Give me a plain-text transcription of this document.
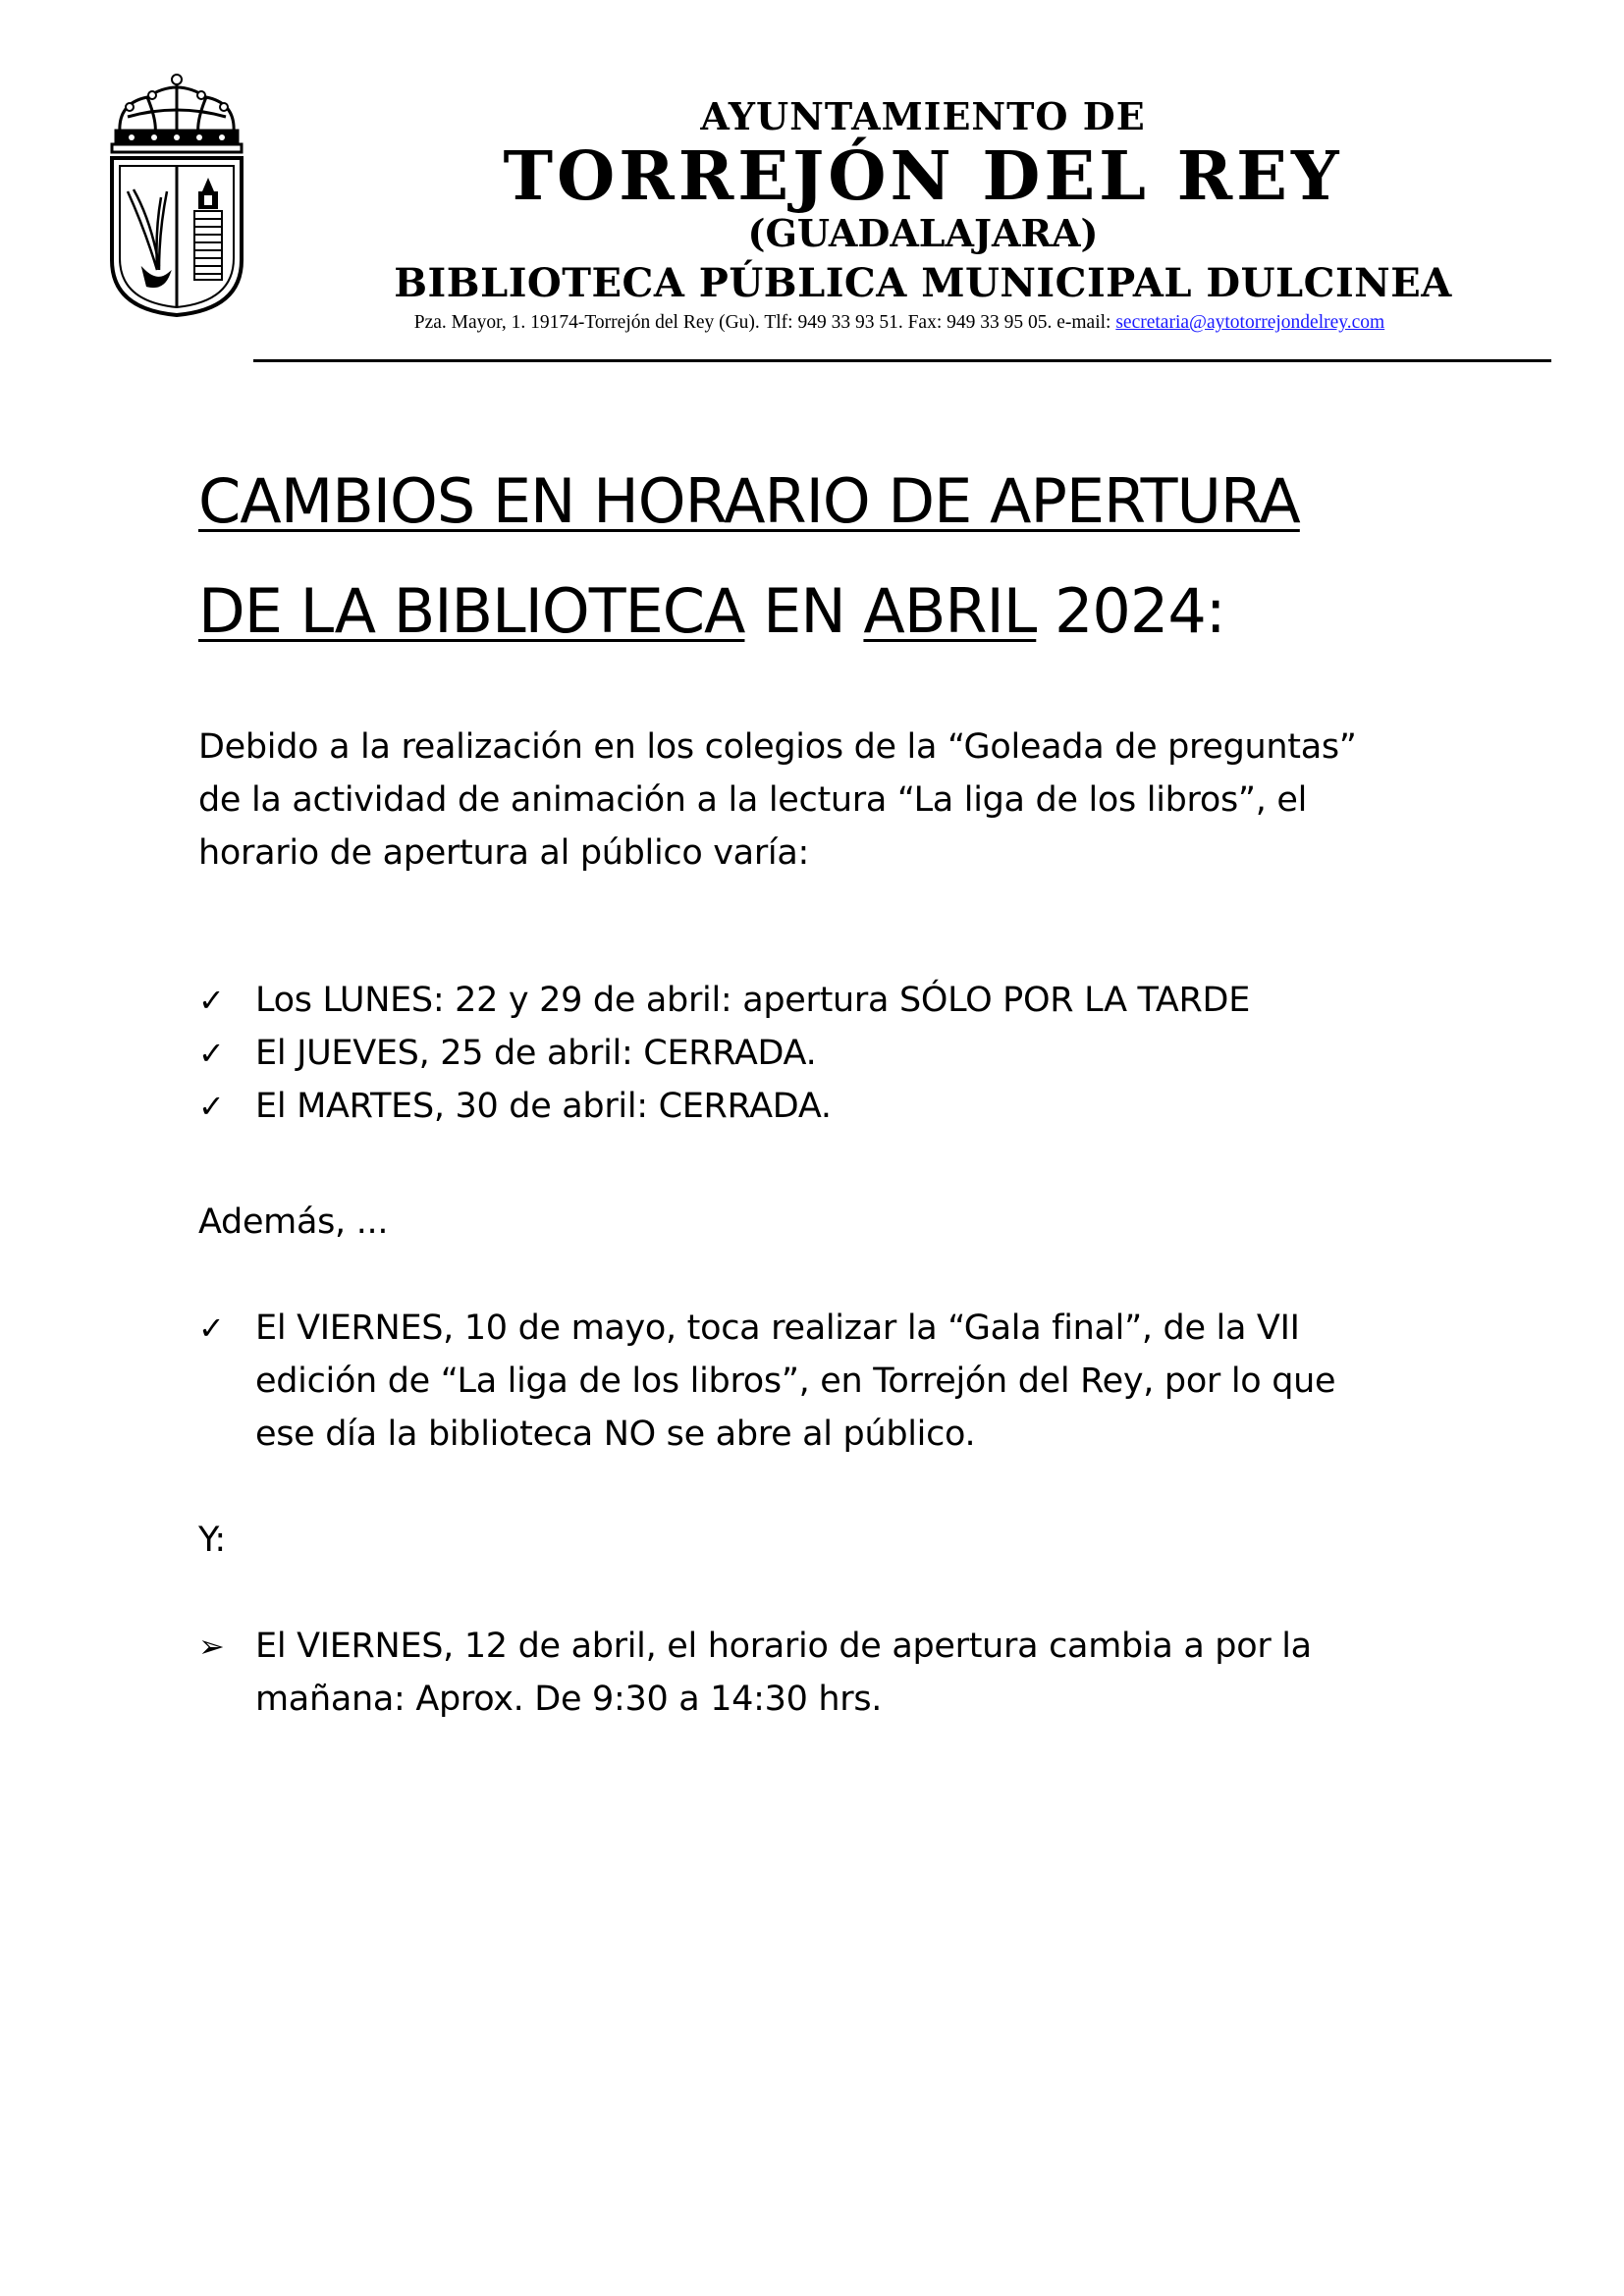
AYUNTAMIENTO DE
TORREJÓN DEL REY
(GUADALAJARA)
BIBLIOTECA PÚBLICA MUNICIPAL DULCINEA
Pza. Mayor, 1. 19174-Torrejón del Rey (Gu). Tlf: 949 33 93 51. Fax: 949 33 95 05. e-mail: secretaria@aytotorrejondelrey.com
CAMBIOS EN HORARIO DE APERTURA
DE LA BIBLIOTECA EN ABRIL 2024:
Debido a la realización en los colegios de la “Goleada de preguntas”
de la actividad de animación a la lectura “La liga de los libros”, el
horario de apertura al público varía:
✓ Los LUNES: 22 y 29 de abril: apertura SÓLO POR LA TARDE
✓ El JUEVES, 25 de abril: CERRADA.
✓ El MARTES, 30 de abril: CERRADA.
Además, ...
✓ El VIERNES, 10 de mayo, toca realizar la “Gala final”, de la VII
edición de “La liga de los libros”, en Torrejón del Rey, por lo que
ese día la biblioteca NO se abre al público.
Y:
➢ El VIERNES, 12 de abril, el horario de apertura cambia a por la
mañana: Aprox. De 9:30 a 14:30 hrs.
